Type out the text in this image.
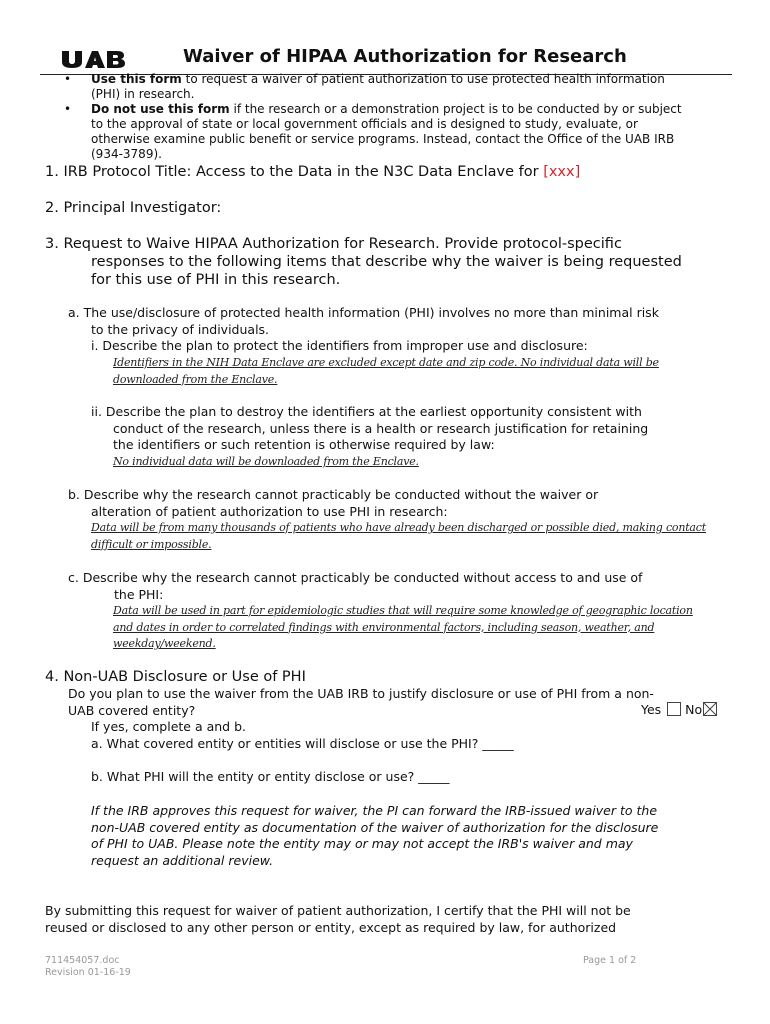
Waiver of HIPAA Authorization for Research
• Use this form to request a waiver of patient authorization to use protected health information
(PHI) in research.
• Do not use this form if the research or a demonstration project is to be conducted by or subject
to the approval of state or local government officials and is designed to study, evaluate, or
otherwise examine public benefit or service programs. Instead, contact the Office of the UAB IRB
(934-3789).
1. IRB Protocol Title: Access to the Data in the N3C Data Enclave for [xxx]
2. Principal Investigator:
3. Request to Waive HIPAA Authorization for Research. Provide protocol-specific
responses to the following items that describe why the waiver is being requested
for this use of PHI in this research.
a. The use/disclosure of protected health information (PHI) involves no more than minimal risk
to the privacy of individuals.
i. Describe the plan to protect the identifiers from improper use and disclosure:
Identifiers in the NIH Data Enclave are excluded except date and zip code. No individual data will be
downloaded from the Enclave.
ii. Describe the plan to destroy the identifiers at the earliest opportunity consistent with
conduct of the research, unless there is a health or research justification for retaining
the identifiers or such retention is otherwise required by law:
No individual data will be downloaded from the Enclave.
b. Describe why the research cannot practicably be conducted without the waiver or
alteration of patient authorization to use PHI in research:
Data will be from many thousands of patients who have already been discharged or possible died, making contact
difficult or impossible.
c. Describe why the research cannot practicably be conducted without access to and use of
the PHI:
Data will be used in part for epidemiologic studies that will require some knowledge of geographic location
and dates in order to correlated findings with environmental factors, including season, weather, and
weekday/weekend.
4. Non-UAB Disclosure or Use of PHI
Do you plan to use the waiver from the UAB IRB to justify disclosure or use of PHI from a non-
UAB covered entity?	Yes No
If yes, complete a and b.
a. What covered entity or entities will disclose or use the PHI? _____
b. What PHI will the entity or entity disclose or use? _____
If the IRB approves this request for waiver, the PI can forward the IRB-issued waiver to the
non-UAB covered entity as documentation of the waiver of authorization for the disclosure
of PHI to UAB. Please note the entity may or may not accept the IRB's waiver and may
request an additional review.
By submitting this request for waiver of patient authorization, I certify that the PHI will not be
reused or disclosed to any other person or entity, except as required by law, for authorized
711454057.doc
Revision 01-16-19
Page 1 of 2
